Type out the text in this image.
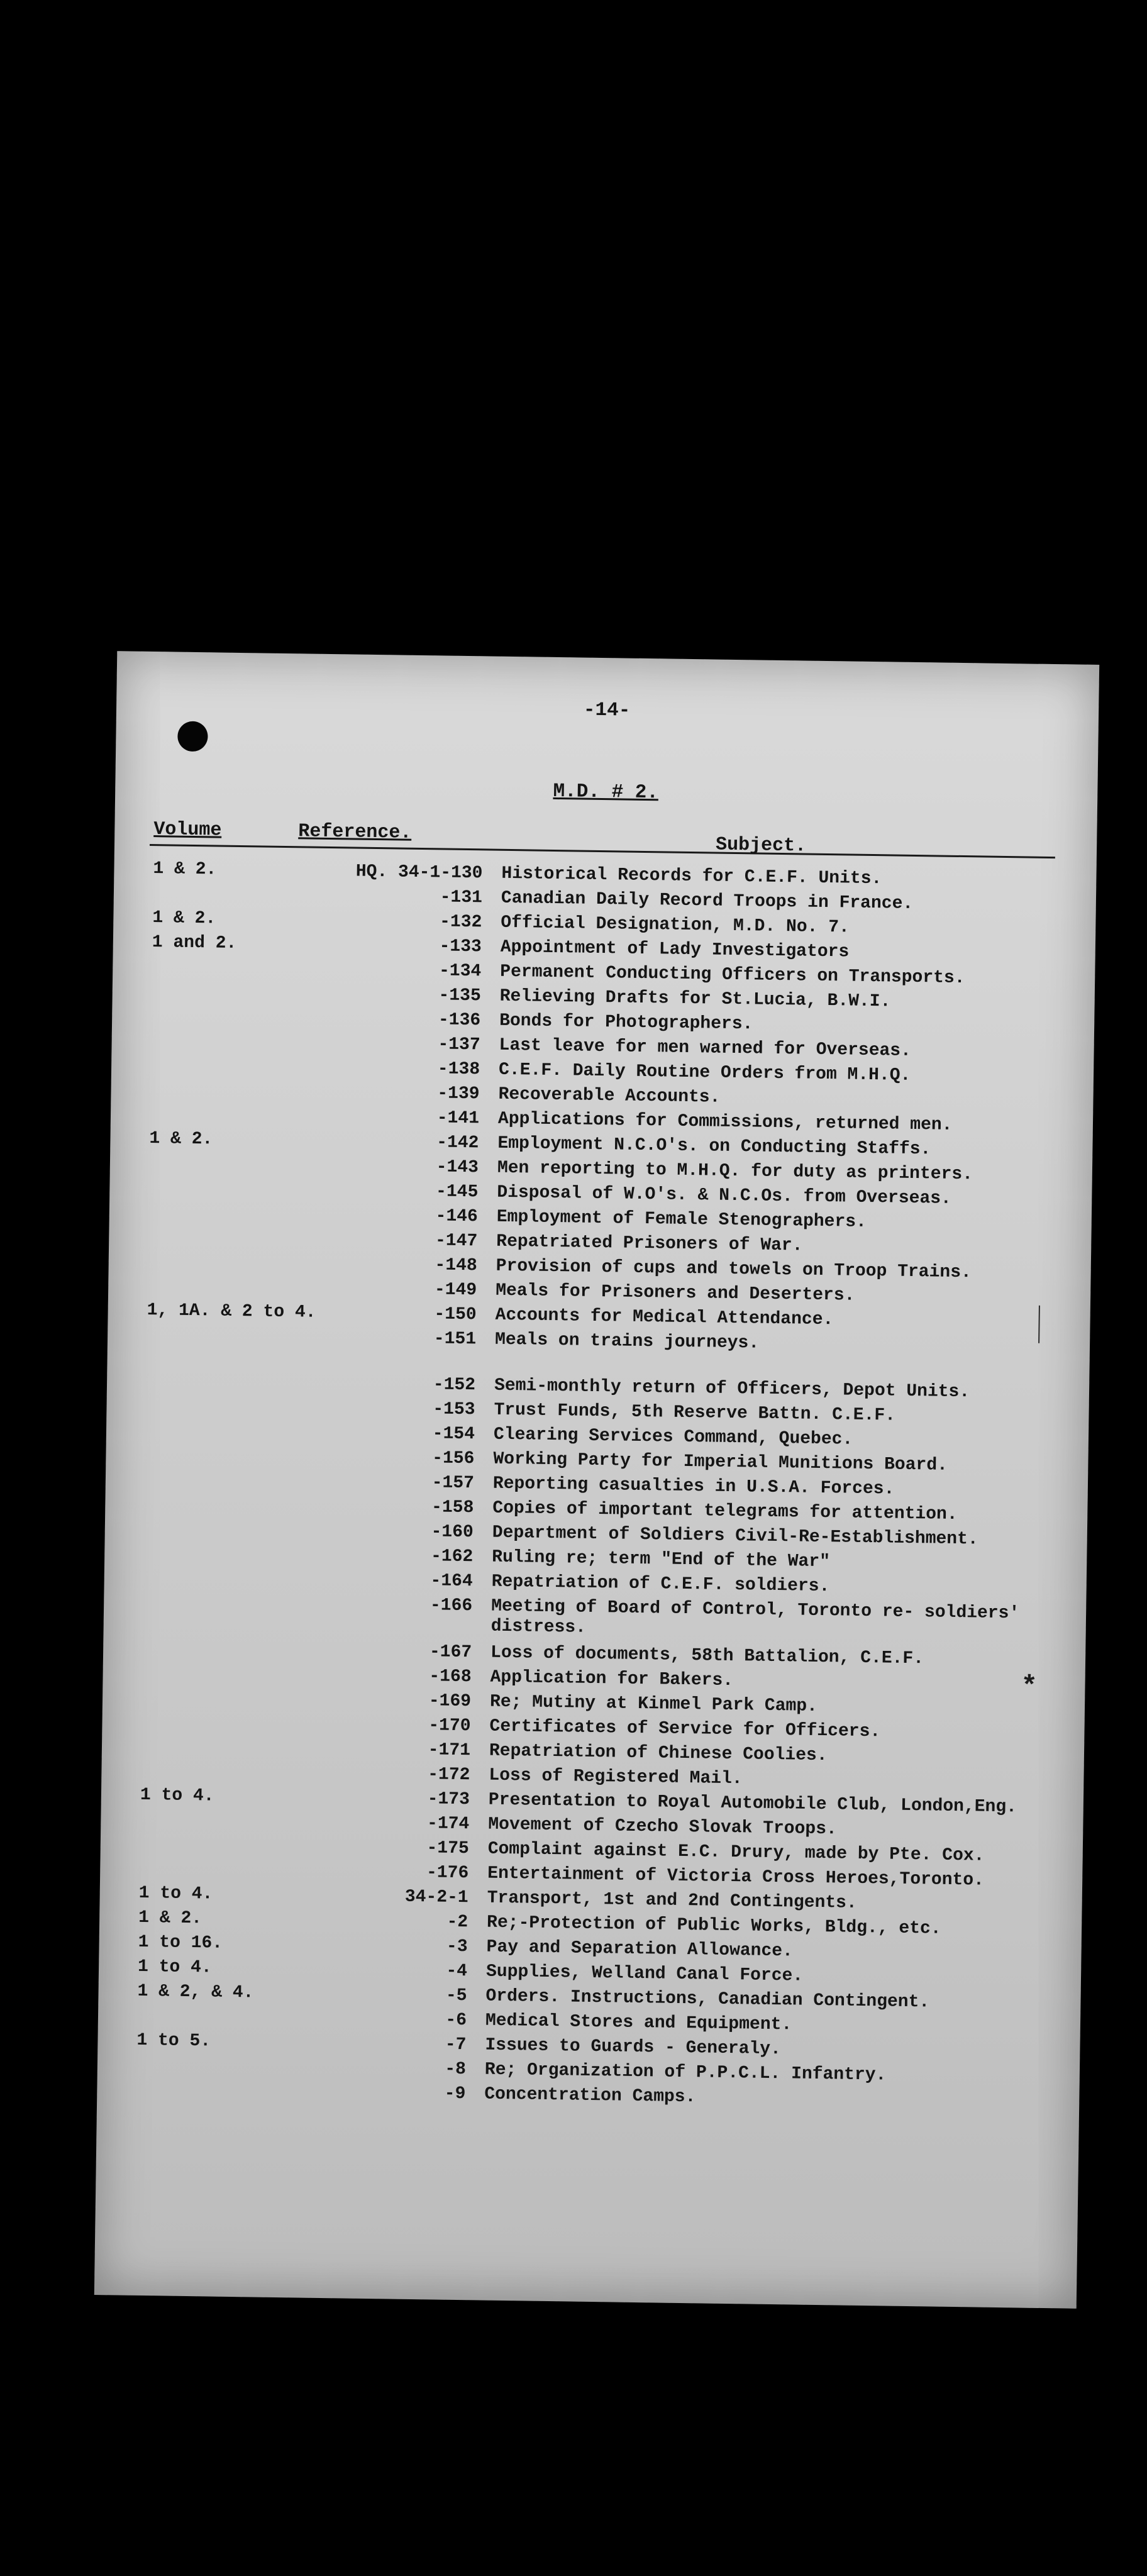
-14-
M.D. # 2.
Volume	Reference.
Subject.
1 & 2.	HQ. 34-1-130 Historical Records for C.E.F. Units.
-131 Canadian Daily Record Troops in France.
1 & 2.	-132 Official Designation, M.D. No. 7.
1 and 2.	-133 Appointment of Lady Investigators
-134 Permanent Conducting Officers on Transports.
-135 Relieving Drafts for St.Lucia, B.W.I.
-136 Bonds for Photographers.
-137 Last leave for men warned for Overseas.
-138 C.E.F. Daily Routine Orders from M.H.Q.
-139 Recoverable Accounts.
-141 Applications for Commissions, returned men.
1 & 2.	-142 Employment N.C.O's. on Conducting Staffs.
-143 Men reporting to M.H.Q. for duty as printers.
-145 Disposal of W.O's. & N.C.Os. from Overseas.
-146 Employment of Female Stenographers.
-147 Repatriated Prisoners of War.
-148 Provision of cups and towels on Troop Trains.
-149 Meals for Prisoners and Deserters.
1, 1A. & 2 to 4.	-150 Accounts for Medical Attendance.
-151 Meals on trains journeys.
-152 Semi-monthly return of Officers, Depot Units.
-153 Trust Funds, 5th Reserve Battn. C.E.F.
-154 Clearing Services Command, Quebec.
-156 Working Party for Imperial Munitions Board.
-157 Reporting casualties in U.S.A. Forces.
-158 Copies of important telegrams for attention.
-160 Department of Soldiers Civil-Re-Establishment.
-162 Ruling re; term "End of the War"
-164 Repatriation of C.E.F. soldiers.
-166 Meeting of Board of Control, Toronto re- soldiers' distress.
-167 Loss of documents, 58th Battalion, C.E.F.
-168 Application for Bakers.
-169 Re; Mutiny at Kinmel Park Camp.
-170 Certificates of Service for Officers.
-171 Repatriation of Chinese Coolies.
-172 Loss of Registered Mail.
1 to 4.	-173 Presentation to Royal Automobile Club, London,Eng.
-174 Movement of Czecho Slovak Troops.
-175 Complaint against E.C. Drury, made by Pte. Cox.
-176 Entertainment of Victoria Cross Heroes,Toronto.
1 to 4.	34-2-1 Transport, 1st and 2nd Contingents.
1 & 2.	-2 Re;-Protection of Public Works, Bldg., etc.
1 to 16.	-3 Pay and Separation Allowance.
1 to 4.	-4 Supplies, Welland Canal Force.
1 & 2, & 4.	-5 Orders. Instructions, Canadian Contingent.
-6 Medical Stores and Equipment.
1 to 5.	-7 Issues to Guards - Generaly.
-8 Re; Organization of P.P.C.L. Infantry.
-9 Concentration Camps.
*
